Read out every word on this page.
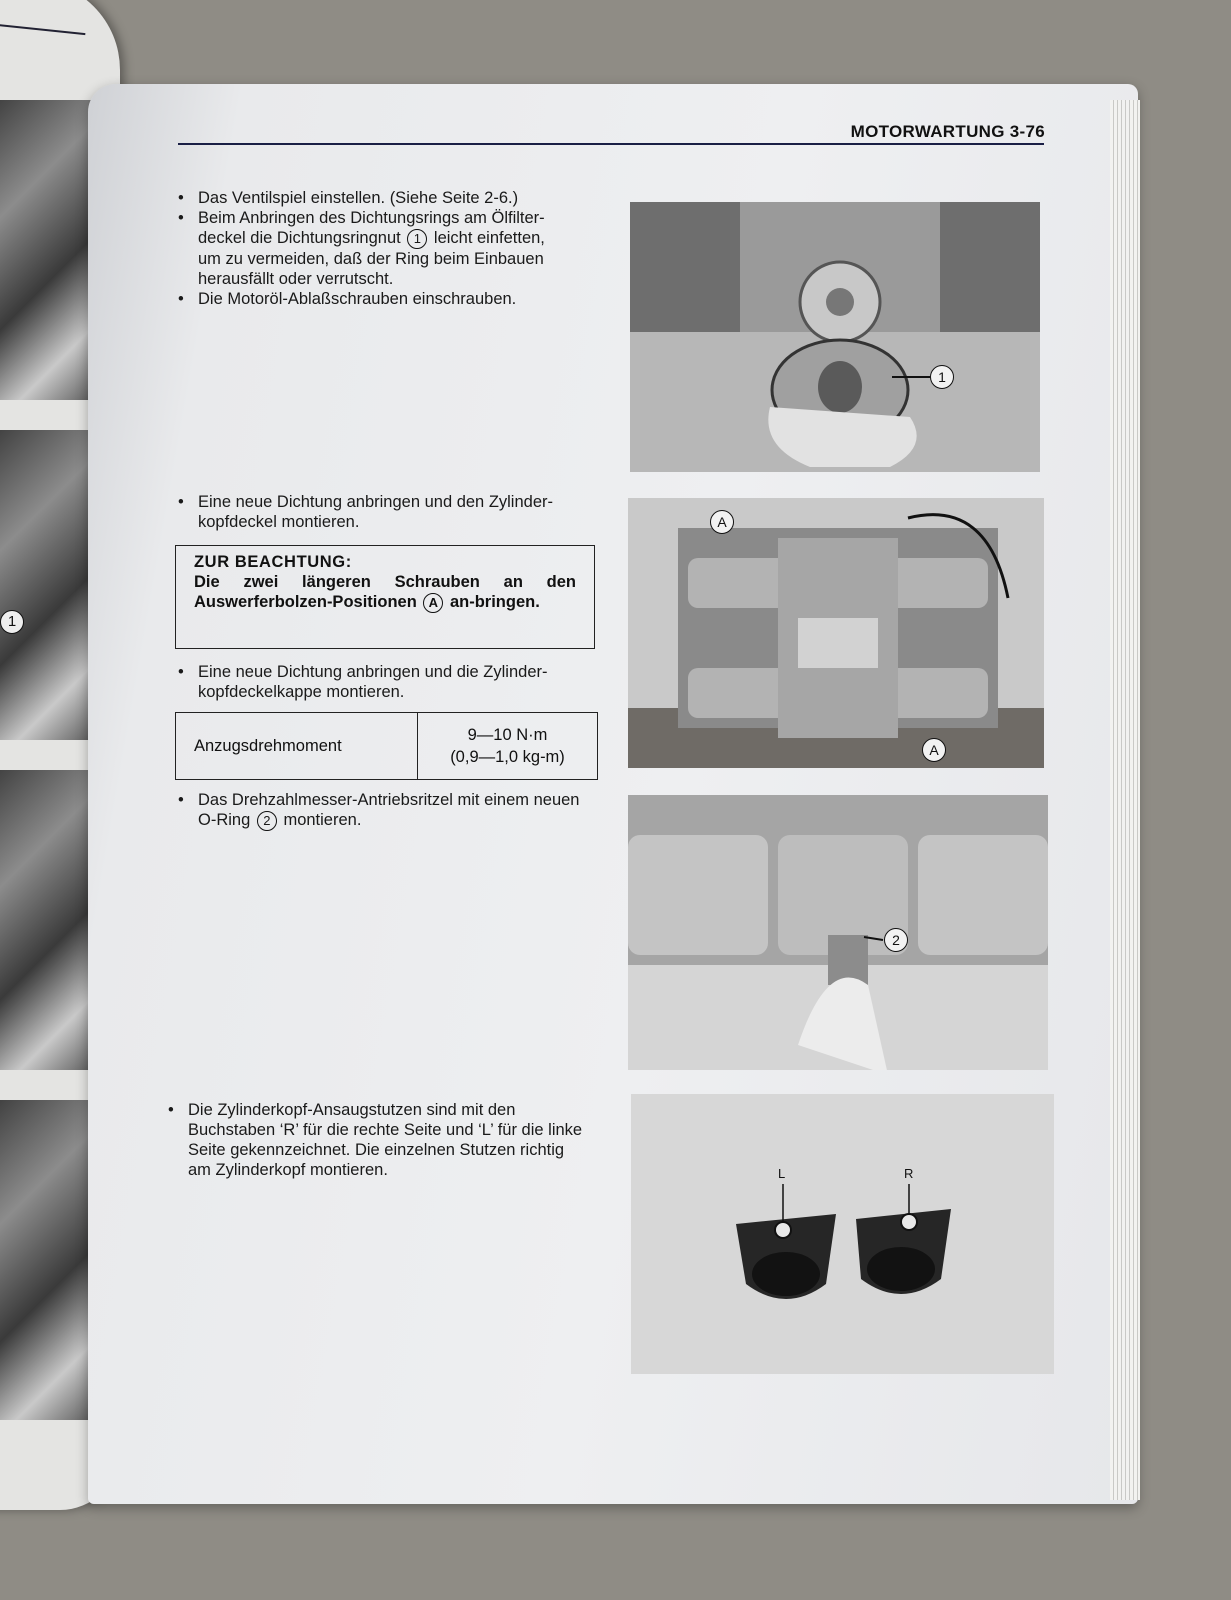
1
MOTORWARTUNG 3-76

• Das Ventilspiel einstellen. (Siehe Seite 2-6.)

• Beim Anbringen des Dichtungsrings am Ölfilter-
deckel die Dichtungsringnut 1 leicht einfetten,
um zu vermeiden, daß der Ring beim Einbauen
herausfällt oder verrutscht.

• Die Motoröl-Ablaßschrauben einschrauben.

• Eine neue Dichtung anbringen und den Zylinder-kopfdeckel montieren.

ZUR BEACHTUNG:
Die zwei längeren Schrauben an den Auswerferbolzen-Positionen A an-bringen.

• Eine neue Dichtung anbringen und die Zylinder-kopfdeckelkappe montieren.

Anzugsdrehmoment
9—10 N·m
(0,9—1,0 kg-m)

• Das Drehzahlmesser-Antriebsritzel mit einem neuen O-Ring 2 montieren.

• Die Zylinderkopf-Ansaugstutzen sind mit den Buchstaben ‘R’ für die rechte Seite und ‘L’ für die linke Seite gekennzeichnet. Die einzelnen Stutzen richtig am Zylinderkopf montieren.

1
A
A
2
L	R
